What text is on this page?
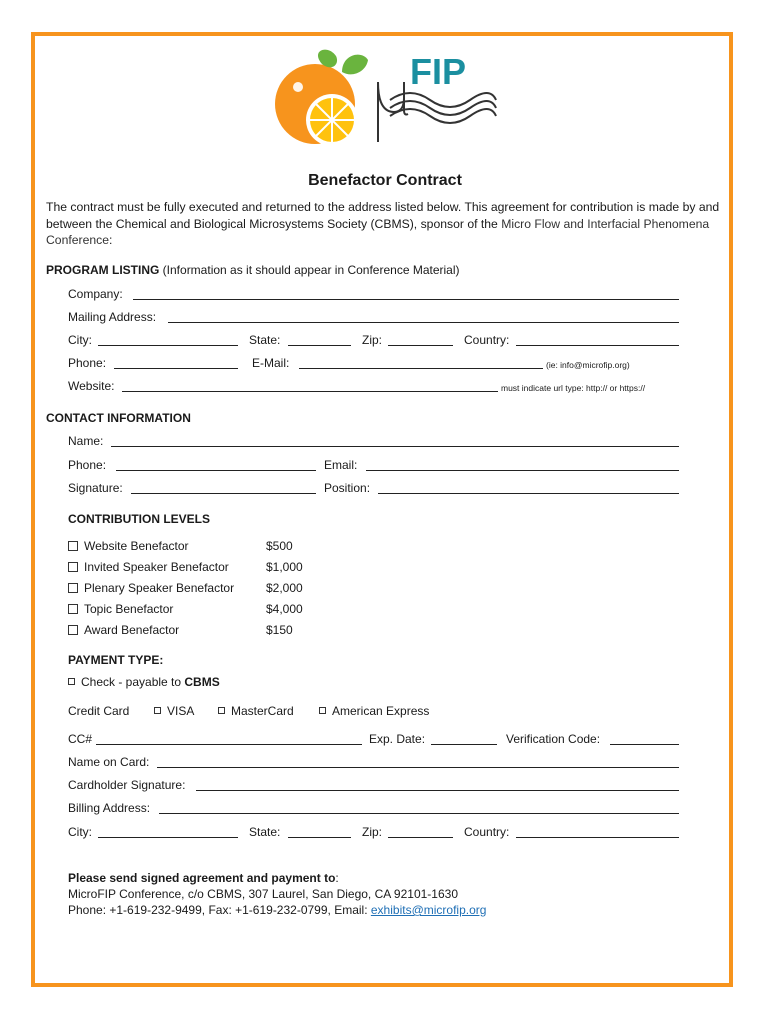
FIP
Benefactor Contract
The contract must be fully executed and returned to the address listed below. This agreement for contribution is made by and between the Chemical and Biological Microsystems Society (CBMS), sponsor of the Micro Flow and Interfacial Phenomena Conference:
PROGRAM LISTING (Information as it should appear in Conference Material)
Company:
Mailing Address:
City:	State:	Zip:	Country:
Phone:	E-Mail:	(ie: info@microfip.org)
Website:	must indicate url type: http:// or https://
CONTACT INFORMATION
Name:
Phone:	Email:
Signature:	Position:
CONTRIBUTION LEVELS
Website Benefactor	$500
Invited Speaker Benefactor	$1,000
Plenary Speaker Benefactor	$2,000
Topic Benefactor	$4,000
Award Benefactor	$150
PAYMENT TYPE:
Check - payable to CBMS
Credit Card	VISA	MasterCard	American Express
CC#	Exp. Date:	Verification Code:
Name on Card:
Cardholder Signature:
Billing Address:
City:	State:	Zip:	Country:
Please send signed agreement and payment to:
MicroFIP Conference, c/o CBMS, 307 Laurel, San Diego, CA 92101-1630
Phone: +1-619-232-9499, Fax: +1-619-232-0799, Email: exhibits@microfip.org
